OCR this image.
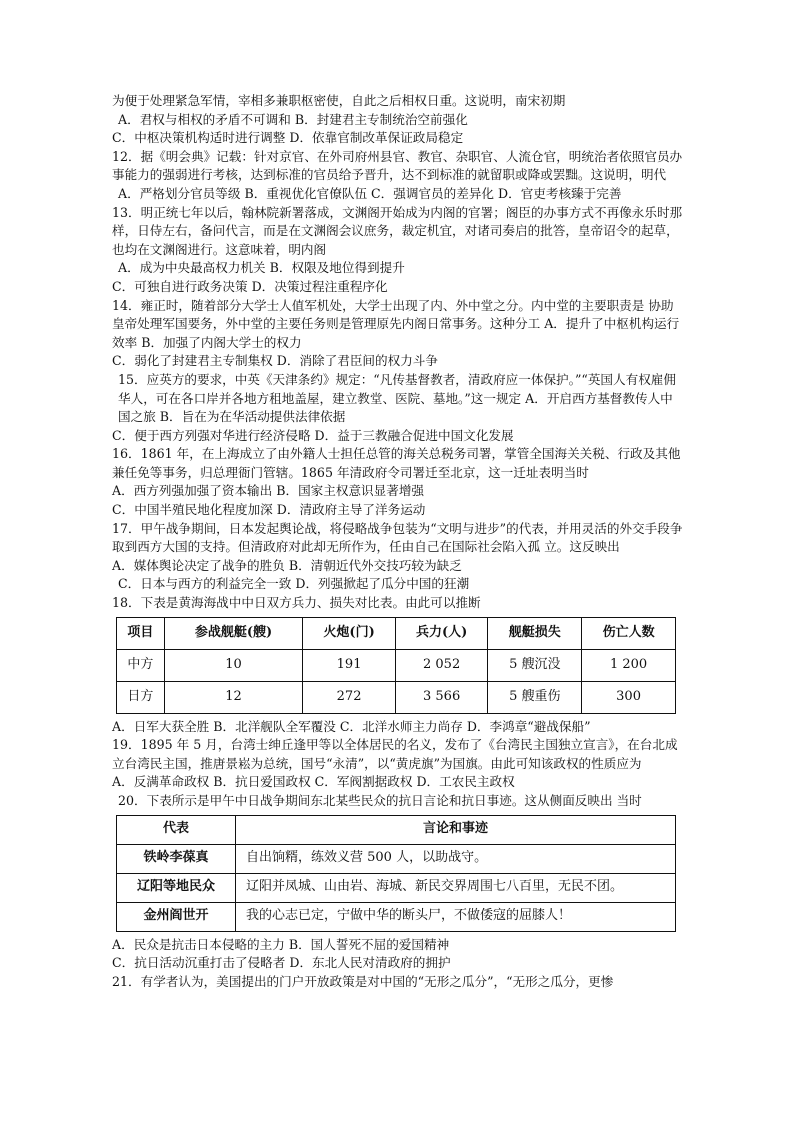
为便于处理紧急军情，宰相多兼职枢密使，自此之后相权日重。这说明，南宋初期

A．君权与相权的矛盾不可调和 B．封建君主专制统治空前强化

C．中枢决策机构适时进行调整 D．依靠官制改革保证政局稳定

12．据《明会典》记载：针对京官、在外司府州县官、教官、杂职官、人流仓官，明统治者依照官员办事能力的强弱进行考核，达到标准的官员给予晋升，达不到标准的就留职或降或罢黜。这说明，明代

A．严格划分官员等级 B．重视优化官僚队伍 C．强调官员的差异化 D．官吏考核臻于完善

13．明正统七年以后，翰林院新署落成，文渊阁开始成为内阁的官署；阁臣的办事方式不再像永乐时那样，日侍左右，备问代言，而是在文渊阁会议庶务，裁定机宜，对诸司奏启的批答，皇帝诏令的起草，也均在文渊阁进行。这意味着，明内阁

A．成为中央最高权力机关 B．权限及地位得到提升

C．可独自进行政务决策 D．决策过程注重程序化

14．雍正时，随着部分大学士人值军机处，大学士出现了内、外中堂之分。内中堂的主要职责是 协助皇帝处理军国要务，外中堂的主要任务则是管理原先内阁日常事务。这种分工 A．提升了中枢机构运行效率 B．加强了内阁大学士的权力

C．弱化了封建君主专制集权 D．消除了君臣间的权力斗争

15．应英方的要求，中英《天津条约》规定：“凡传基督教者，清政府应一体保护。”“英国人有权雇佣华人，可在各口岸并各地方租地盖屋，建立教堂、医院、墓地。”这一规定 A．开启西方基督教传人中国之旅 B．旨在为在华活动提供法律依据

C．便于西方列强对华进行经济侵略 D．益于三教融合促进中国文化发展

16．1861 年，在上海成立了由外籍人士担任总管的海关总税务司署，掌管全国海关关税、行政及其他兼任免等事务，归总理衙门管辖。1865 年清政府令司署迁至北京，这一迁址表明当时

A．西方列强加强了资本输出 B．国家主权意识显著增强

C．中国半殖民地化程度加深 D．清政府主导了洋务运动

17．甲午战争期间，日本发起舆论战，将侵略战争包装为“文明与进步”的代表，并用灵活的外交手段争取到西方大国的支持。但清政府对此却无所作为，任由自己在国际社会陷入孤 立。这反映出

A．媒体舆论决定了战争的胜负 B．清朝近代外交技巧较为缺乏

C．日本与西方的利益完全一致 D．列强掀起了瓜分中国的狂潮

18．下表是黄海海战中中日双方兵力、损失对比表。由此可以推断

项目	参战舰艇(艘)	火炮(门)	兵力(人)	舰艇损失	伤亡人数
中方	10	191	2 052	5 艘沉没	1 200
日方	12	272	3 566	5 艘重伤	300

A．日军大获全胜 B．北洋舰队全军覆没 C．北洋水师主力尚存 D．李鸿章“避战保船”

19．1895 年 5 月，台湾士绅丘逢甲等以全体居民的名义，发布了《台湾民主国独立宣言》，在台北成立台湾民主国，推唐景崧为总统，国号“永清”，以“黄虎旗”为国旗。由此可知该政权的性质应为

A．反满革命政权 B．抗日爱国政权 C．军阀割据政权 D．工农民主政权

20．下表所示是甲午中日战争期间东北某些民众的抗日言论和抗日事迹。这从侧面反映出 当时

代表	言论和事迹
铁岭李葆真	自出饷糈，练效义营 500 人，以助战守。
辽阳等地民众	辽阳并凤城、山由岩、海城、新民交界周围七八百里，无民不团。
金州阎世开	我的心志已定，宁做中华的断头尸，不做倭寇的屈膝人！

A．民众是抗击日本侵略的主力 B．国人誓死不屈的爱国精神

C．抗日活动沉重打击了侵略者 D．东北人民对清政府的拥护

21．有学者认为，美国提出的门户开放政策是对中国的“无形之瓜分”，“无形之瓜分，更惨
